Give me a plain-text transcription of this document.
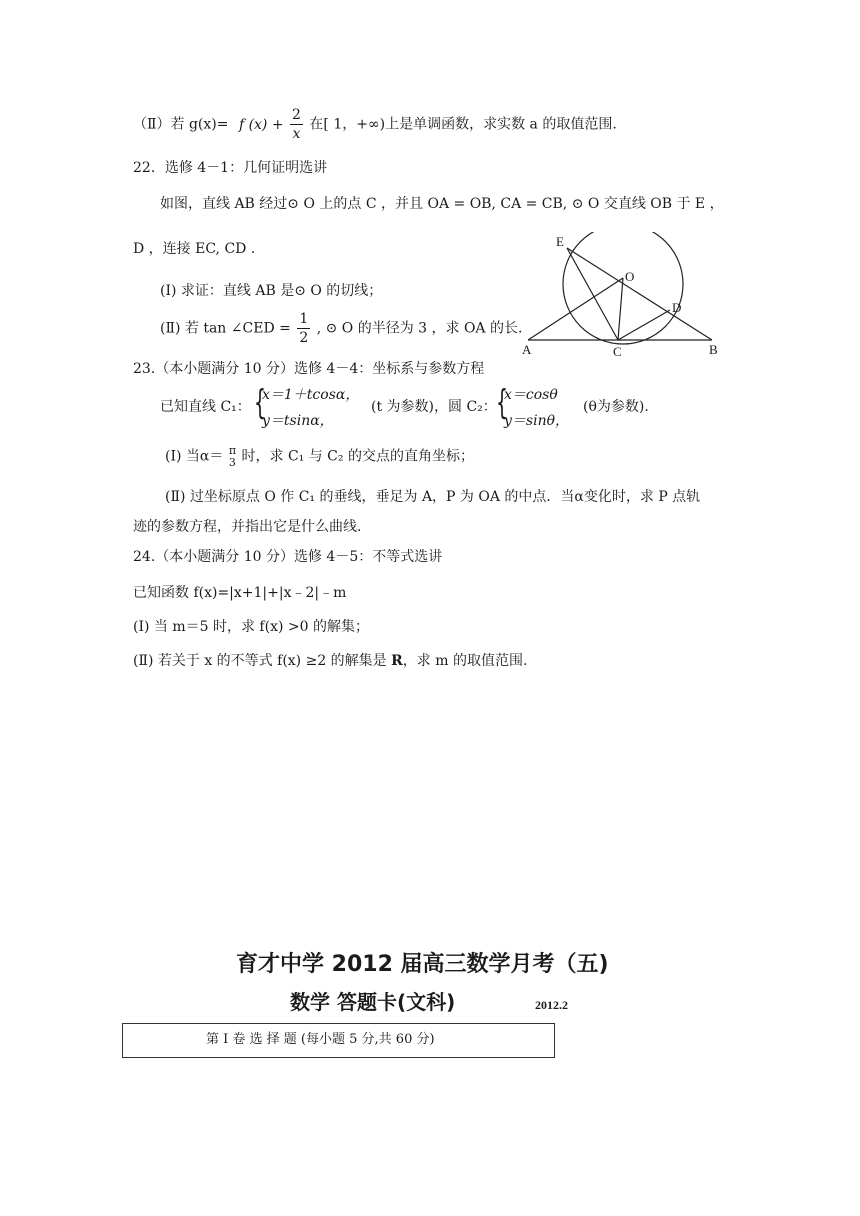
（Ⅱ）若 g(x)= f $(x) + \frac{2}{x}$ 在[ 1，+∞)上是单调函数，求实数 a 的取值范围.
22．选修 4－1：几何证明选讲
如图，直线 AB 经过⊙ O 上的点 C ，并且 OA = OB, CA = CB, ⊙ O 交直线 OB 于 E ，
D ，连接 EC, CD .
(Ⅰ) 求证：直线 AB 是⊙ O 的切线；
(Ⅱ) 若 tan ∠CED = $\frac{1}{2}$ , ⊙ O 的半径为 3 ，求 OA 的长.
E
O
D
A	C	B
23.（本小题满分 10 分）选修 4－4：坐标系与参数方程
已知直线 C₁： {
x＝1＋tcosα，
y＝tsinα，
(t 为参数)，圆 C₂： {
x＝cosθ
y＝sinθ，
(θ为参数).
(Ⅰ) 当α＝ π
3 时，求 C₁ 与 C₂ 的交点的直角坐标；
(Ⅱ) 过坐标原点 O 作 C₁ 的垂线，垂足为 A，P 为 OA 的中点．当α变化时，求 P 点轨
迹的参数方程，并指出它是什么曲线.
24.（本小题满分 10 分）选修 4－5：不等式选讲
已知函数 f(x)=|x+1|+|x﹣2|﹣m
(Ⅰ) 当 m＝5 时，求 f(x) >0 的解集；
(Ⅱ) 若关于 x 的不等式 f(x) ≥2 的解集是 R，求 m 的取值范围.
育才中学 2012 届高三数学月考（五)
数学 答题卡(文科)	2012.2
第 I 卷 选 择 题 (每小题 5 分,共 60 分)
